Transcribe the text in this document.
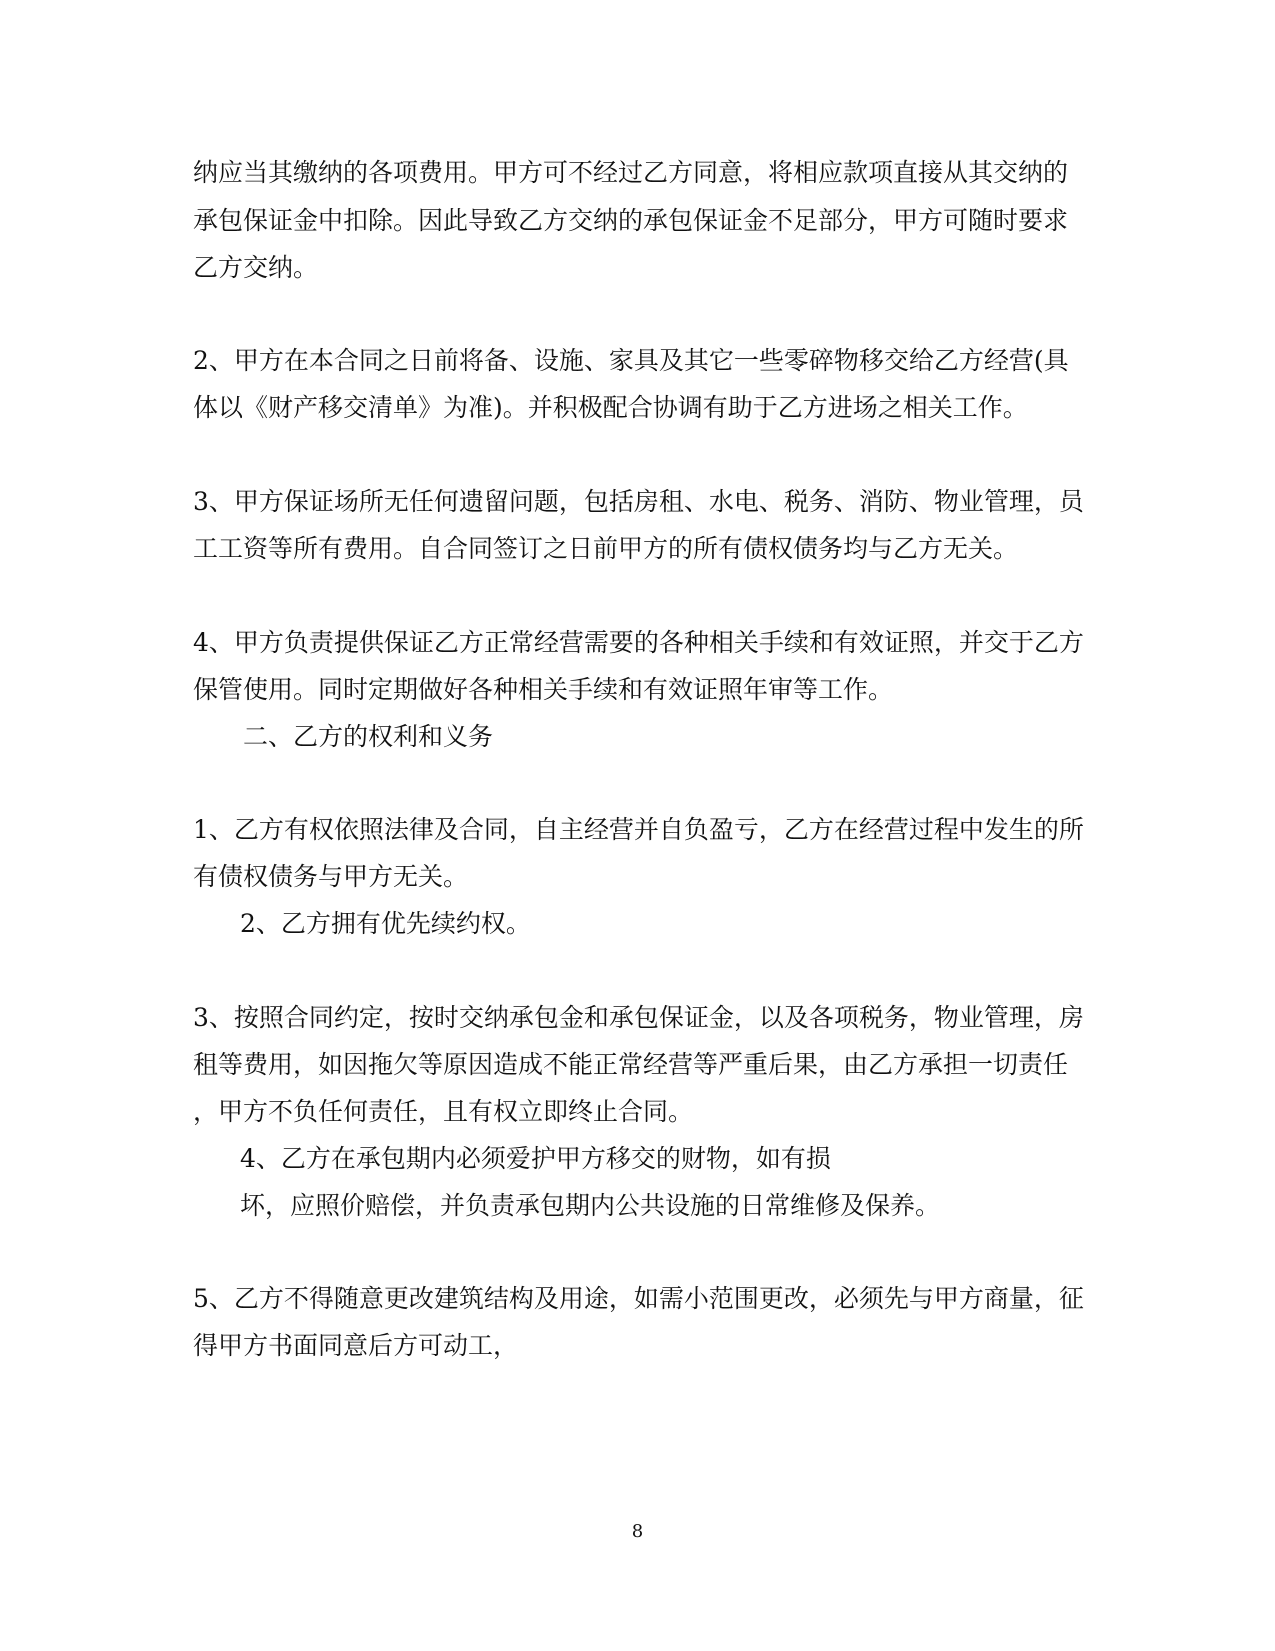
纳应当其缴纳的各项费用。甲方可不经过乙方同意，将相应款项直接从其交纳的
承包保证金中扣除。因此导致乙方交纳的承包保证金不足部分，甲方可随时要求
乙方交纳。
2、甲方在本合同之日前将备、设施、家具及其它一些零碎物移交给乙方经营(具
体以《财产移交清单》为准)。并积极配合协调有助于乙方进场之相关工作。
3、甲方保证场所无任何遗留问题，包括房租、水电、税务、消防、物业管理，员
工工资等所有费用。自合同签订之日前甲方的所有债权债务均与乙方无关。
4、甲方负责提供保证乙方正常经营需要的各种相关手续和有效证照，并交于乙方
保管使用。同时定期做好各种相关手续和有效证照年审等工作。
二、乙方的权利和义务
1、乙方有权依照法律及合同，自主经营并自负盈亏，乙方在经营过程中发生的所
有债权债务与甲方无关。
2、乙方拥有优先续约权。
3、按照合同约定，按时交纳承包金和承包保证金，以及各项税务，物业管理，房
租等费用，如因拖欠等原因造成不能正常经营等严重后果，由乙方承担一切责任
，甲方不负任何责任，且有权立即终止合同。
4、乙方在承包期内必须爱护甲方移交的财物，如有损
坏，应照价赔偿，并负责承包期内公共设施的日常维修及保养。
5、乙方不得随意更改建筑结构及用途，如需小范围更改，必须先与甲方商量，征
得甲方书面同意后方可动工，
8
